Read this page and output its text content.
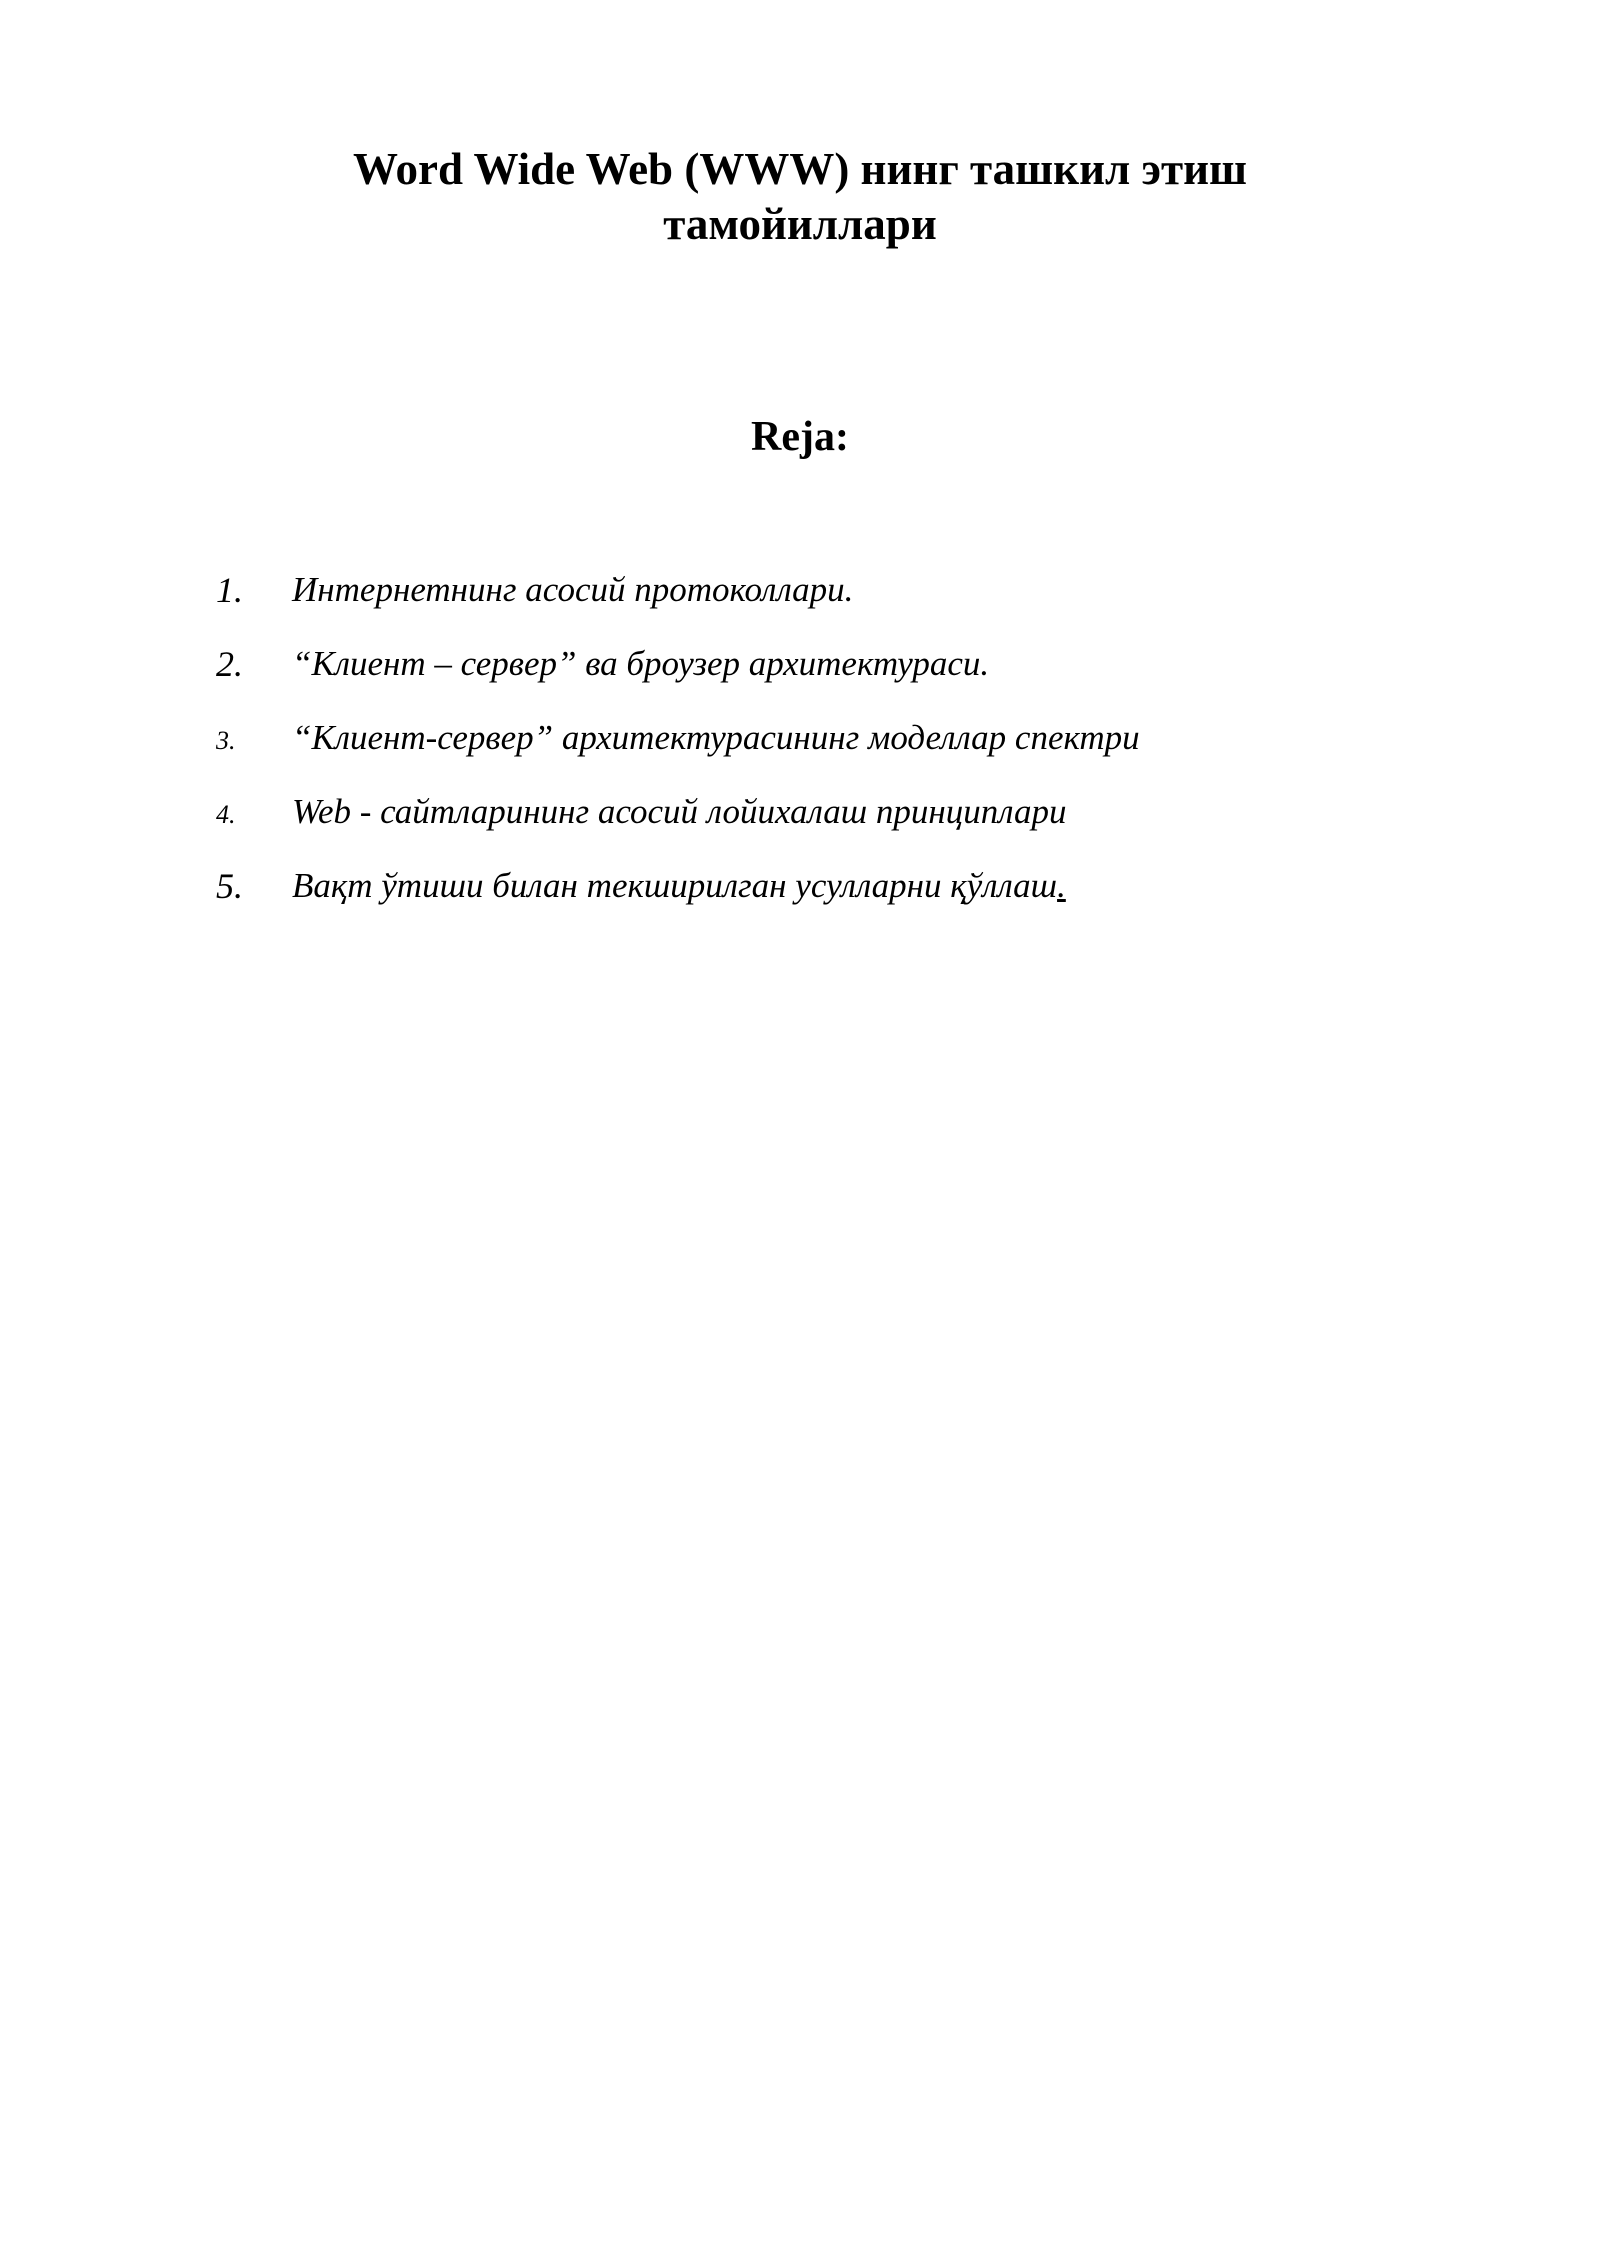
Word Wide Web (WWW) нинг ташкил этиш
тамойиллари
Reja:
1.	Интернетнинг асосий протоколлари.
2.	“Клиент – сервер” ва броузер архитектураси.
3.	“Клиент-сервер” архитектурасининг моделлар спектри
4.	Web - сайтларининг асосий лойихалаш принциплари
5.	Вақт ўтиши билан текширилган усулларни қўллаш.
